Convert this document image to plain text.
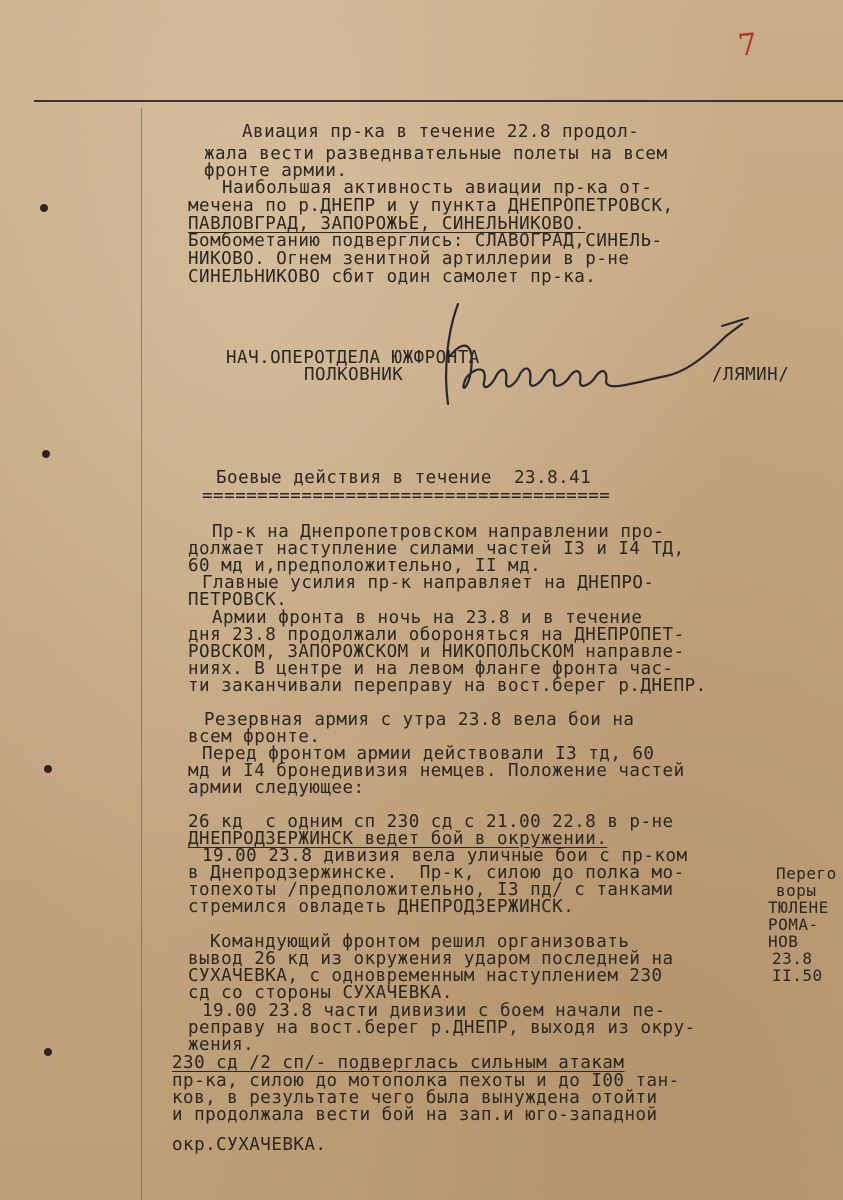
7
Авиация пр-ка в течение 22.8 продол-
жала вести разведнвательные полеты на всем
фронте армии.
Наибольшая активность авиации пр-ка от-
мечена по р.ДНЕПР и у пункта ДНЕПРОПЕТРОВСК,
ПАВЛОВГРАД, ЗАПОРОЖЬЕ, СИНЕЛЬНИКОВО.
Бомбометанию подверглись: СЛАВОГРАД,СИНЕЛЬ-
НИКОВО. Огнем зенитной артиллерии в р-не
СИНЕЛЬНИКОВО сбит один самолет пр-ка.
НАЧ.ОПЕРОТДЕЛА ЮЖФРОНТА
ПОЛКОВНИК	/ЛЯМИН/
Боевые действия в течение  23.8.41
=====================================
Пр-к на Днепропетровском направлении про-
должает наступление силами частей I3 и I4 ТД,
60 мд и,предположительно, II мд.
Главные усилия пр-к направляет на ДНЕПРО-
ПЕТРОВСК.
Армии фронта в ночь на 23.8 и в течение
дня 23.8 продолжали обороняться на ДНЕПРОПЕТ-
РОВСКОМ, ЗАПОРОЖСКОМ и НИКОПОЛЬСКОМ направле-
ниях. В центре и на левом фланге фронта час-
ти заканчивали переправу на вост.берег р.ДНЕПР.
Резервная армия с утра 23.8 вела бои на
всем фронте.
Перед фронтом армии действовали I3 тд, 60
мд и I4 бронедивизия немцев. Положение частей
армии следующее:
26 кд  с одним сп 230 сд с 21.00 22.8 в р-не
ДНЕПРОДЗЕРЖИНСК ведет бой в окружении.
19.00 23.8 дивизия вела уличные бои с пр-ком
в Днепродзержинске.  Пр-к, силою до полка мо-
топехоты /предположительно, I3 пд/ с танками
стремился овладеть ДНЕПРОДЗЕРЖИНСК.
Командующий фронтом решил организовать
вывод 26 кд из окружения ударом последней на
СУХАЧЕВКА, с одновременным наступлением 230
сд со стороны СУХАЧЕВКА.
19.00 23.8 части дивизии с боем начали пе-
реправу на вост.берег р.ДНЕПР, выходя из окру-
жения.
230 сд /2 сп/- подверглась сильным атакам
пр-ка, силою до мотополка пехоты и до I00 тан-
ков, в результате чего была вынуждена отойти
и продолжала вести бой на зап.и юго-западной
окр.СУХАЧЕВКА.
Перего
воры
ТЮЛЕНЕ
РОМА-
НОВ
23.8
II.50
